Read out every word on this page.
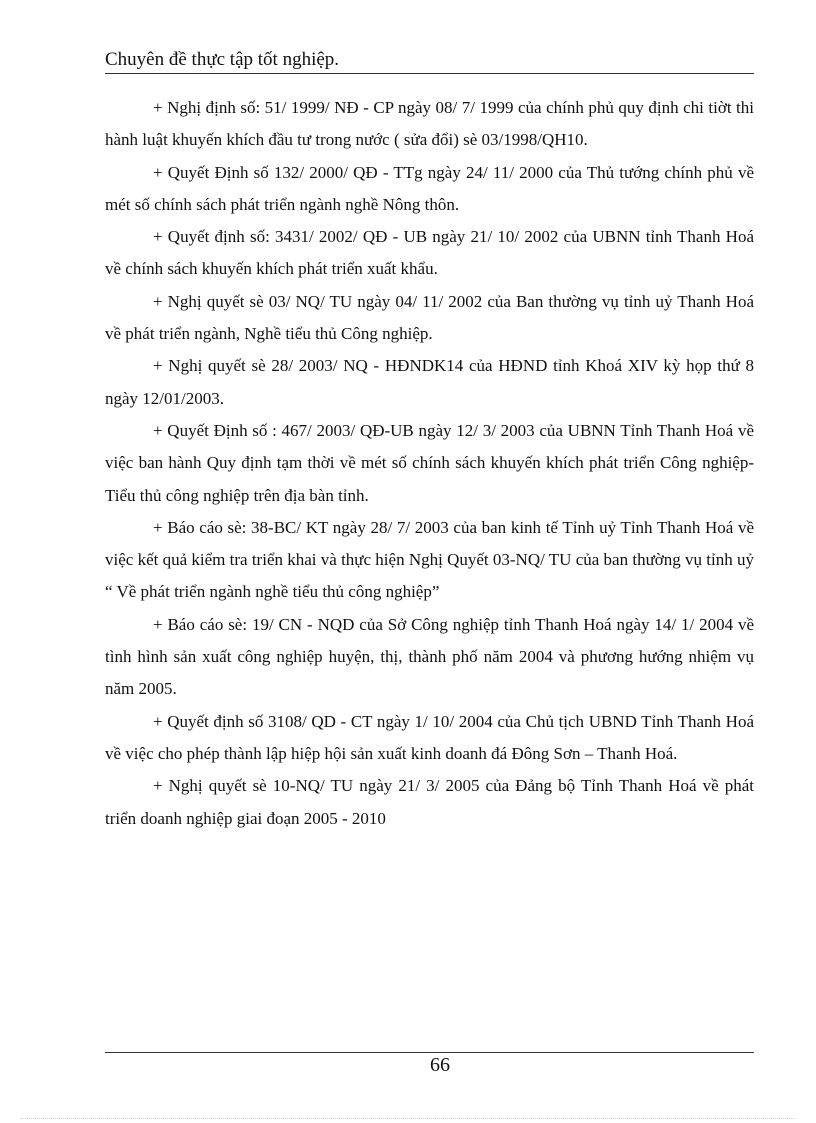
Chuyên đề thực tập tốt nghiệp.

+ Nghị định số: 51/ 1999/ NĐ - CP ngày 08/ 7/ 1999 của chính phủ quy định chi tiờt thi hành luật khuyến khích đầu tư trong nước ( sửa đổi) sè 03/1998/QH10.

+ Quyết Định số 132/ 2000/ QĐ - TTg ngày 24/ 11/ 2000 của Thủ tướng chính phủ về mét số chính sách phát triển ngành nghề Nông thôn.

+ Quyết định số: 3431/ 2002/ QĐ - UB ngày 21/ 10/ 2002 của UBNN tỉnh Thanh Hoá về chính sách khuyến khích phát triển xuất khẩu.

+ Nghị quyết sè 03/ NQ/ TU ngày 04/ 11/ 2002 của Ban thường vụ tỉnh uỷ Thanh Hoá về phát triển ngành, Nghề tiểu thủ Công nghiệp.

+ Nghị quyết sè 28/ 2003/ NQ - HĐNDK14 của HĐND tỉnh Khoá XIV kỳ họp thứ 8 ngày 12/01/2003.

+ Quyết Định số : 467/ 2003/ QĐ-UB ngày 12/ 3/ 2003 của UBNN Tỉnh Thanh Hoá về việc ban hành Quy định tạm thời về mét số chính sách khuyến khích phát triển Công nghiệp- Tiểu thủ công nghiệp trên địa bàn tỉnh.

+ Báo cáo sè: 38-BC/ KT ngày 28/ 7/ 2003 của ban kinh tế Tỉnh uỷ Tỉnh Thanh Hoá về việc kết quả kiểm tra triển khai và thực hiện Nghị Quyết 03-NQ/ TU của ban thường vụ tỉnh uỷ “ Về phát triển ngành nghề tiểu thủ công nghiệp”

+ Báo cáo sè: 19/ CN - NQD của Sở Công nghiệp tỉnh Thanh Hoá ngày 14/ 1/ 2004 về tình hình sản xuất công nghiệp huyện, thị, thành phố năm 2004 và phương hướng nhiệm vụ năm 2005.

+ Quyết định số 3108/ QD - CT ngày 1/ 10/ 2004 của Chủ tịch UBND Tỉnh Thanh Hoá về việc cho phép thành lập hiệp hội sản xuất kinh doanh đá Đông Sơn – Thanh Hoá.

+ Nghị quyết sè 10-NQ/ TU ngày 21/ 3/ 2005 của Đảng bộ Tỉnh Thanh Hoá về phát triển doanh nghiệp giai đoạn 2005 - 2010

66
